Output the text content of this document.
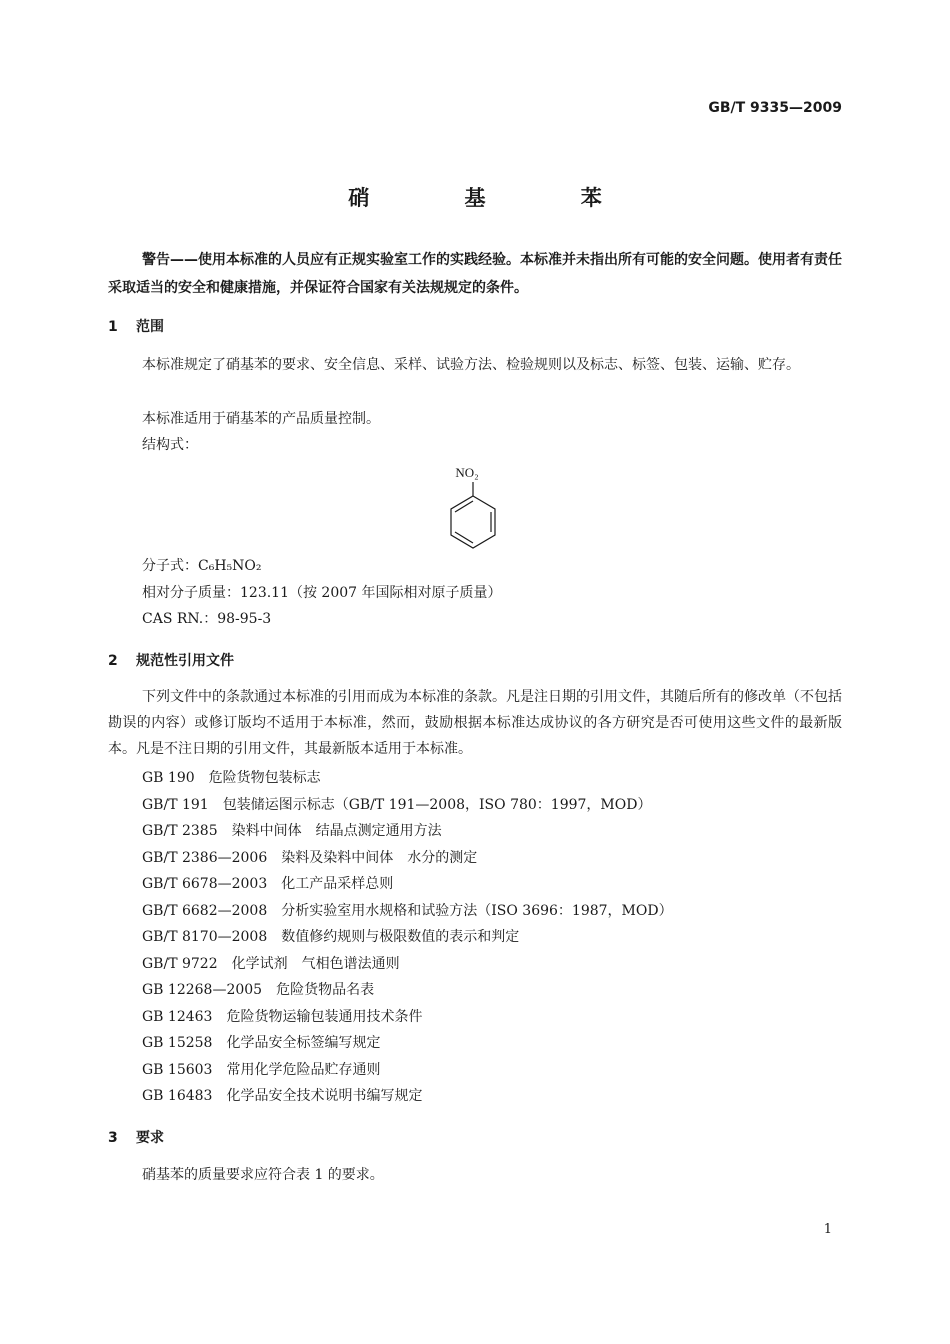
GB/T 9335—2009
硝 基 苯
警告——使用本标准的人员应有正规实验室工作的实践经验。本标准并未指出所有可能的安全问题。使用者有责任采取适当的安全和健康措施，并保证符合国家有关法规规定的条件。
1 范围
本标准规定了硝基苯的要求、安全信息、采样、试验方法、检验规则以及标志、标签、包装、运输、贮存。
本标准适用于硝基苯的产品质量控制。
结构式：
NO₂
分子式：C₆H₅NO₂
相对分子质量：123.11（按 2007 年国际相对原子质量）
CAS RN.：98-95-3
2 规范性引用文件
下列文件中的条款通过本标准的引用而成为本标准的条款。凡是注日期的引用文件，其随后所有的修改单（不包括勘误的内容）或修订版均不适用于本标准，然而，鼓励根据本标准达成协议的各方研究是否可使用这些文件的最新版本。凡是不注日期的引用文件，其最新版本适用于本标准。
GB 190 危险货物包装标志
GB/T 191 包装储运图示标志（GB/T 191—2008，ISO 780：1997，MOD）
GB/T 2385 染料中间体　结晶点测定通用方法
GB/T 2386—2006 染料及染料中间体　水分的测定
GB/T 6678—2003 化工产品采样总则
GB/T 6682—2008 分析实验室用水规格和试验方法（ISO 3696：1987，MOD）
GB/T 8170—2008 数值修约规则与极限数值的表示和判定
GB/T 9722 化学试剂　气相色谱法通则
GB 12268—2005 危险货物品名表
GB 12463 危险货物运输包装通用技术条件
GB 15258 化学品安全标签编写规定
GB 15603 常用化学危险品贮存通则
GB 16483 化学品安全技术说明书编写规定
3 要求
硝基苯的质量要求应符合表 1 的要求。
1
